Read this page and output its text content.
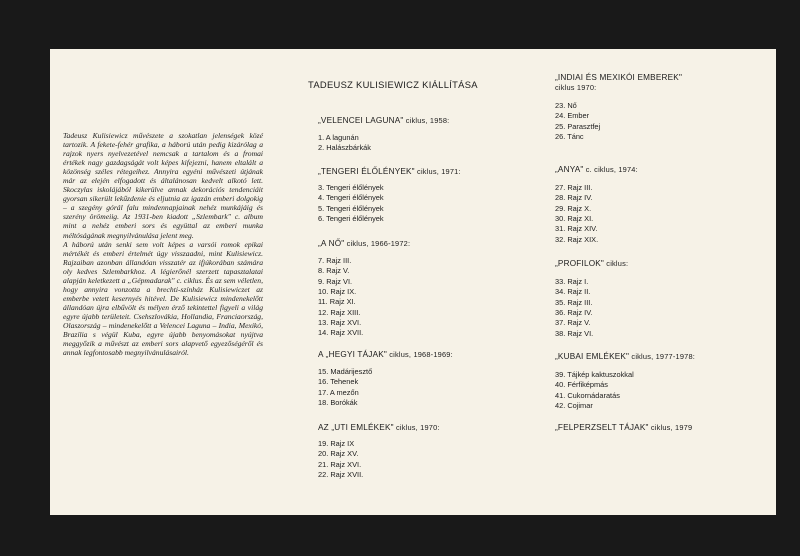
TADEUSZ KULISIEWICZ KIÁLLÍTÁSA

Tadeusz Kulisiewicz művészete a szokatlan jelenségek közé tartozik. A fekete-fehér grafika, a háború után pedig kizárólag a rajzok nyers nyelvezetével nemcsak a tartalom és a fromai értékek nagy gazdagságát volt képes kifejezni, hanem eltalált a közönség széles rétegeihez. Annyira egyéni művészeti útjának már az elején elfogadott és általánosan kedvelt alkotó lett. Skoczylas iskolájából kikerülve annak dekorációs tendenciáit gyorsan sikerült lekűzdenie és eljutnia az igazán emberi dolgokig – a szegény górál falu mindennapjainak nehéz munkájáig és szerény örömeiig. Az 1931-ben kiadott „Szlembark" c. album mint a nehéz emberi sors és együttal az emberi munka méltóságának megnyilvánulása jelent meg.

A háború után senki sem volt képes a varsói romok epikai mértékét és emberi értelmét úgy visszaadni, mint Kulisiewicz. Rajzaiban azonban állandóan visszatér az ifjúkorában számára oly kedves Szlembarkhoz. A légierőnél szerzett tapasztalatai alapján keletkezett a „Gépmadarak" c. ciklus. És az sem véletlen, hogy annyira vonzotta a brechti-színház Kulisiewiczet az emberbe vetett kesernyés hitével. De Kulisiewicz mindenekelőtt állandóan újra elbűvölt és mélyen érző tekintettel figyeli a világ egyre újabb területeit. Csehszlovákia, Hollandia, Franciaország, Olaszország – mindenekelőtt a Velencei Laguna – India, Mexikó, Brazília s végül Kuba, egyre újabb benyomásokat nyújtva meggyőzik a művészt az emberi sors alapvető egyezőségéről és annak legfontosabb megnyilvánulásairól.

„VELENCEI LAGUNA" ciklus, 1958:
1. A lagunán
2. Halászbárkák
„TENGERI ÉLŐLÉNYEK" ciklus, 1971:
3. Tengeri élőlények
4. Tengeri élőlények
5. Tengeri élőlények
6. Tengeri élőlények
„A NŐ" ciklus, 1966-1972:
7. Rajz III.
8. Rajz V.
9. Rajz VI.
10. Rajz IX.
11. Rajz XI.
12. Rajz XIII.
13. Rajz XVI.
14. Rajz XVII.
A „HEGYI TÁJAK" ciklus, 1968-1969:
15. Madárijesztő
16. Tehenek
17. A mezőn
18. Borókák
AZ „UTI EMLÉKEK" ciklus, 1970:
19. Rajz IX
20. Rajz XV.
21. Rajz XVI.
22. Rajz XVII.
„INDIAI ÉS MEXIKÓI EMBEREK"
ciklus 1970:
23. Nő
24. Ember
25. Parasztfej
26. Tánc
„ANYA" c. ciklus, 1974:
27. Rajz III.
28. Rajz IV.
29. Rajz X.
30. Rajz XI.
31. Rajz XIV.
32. Rajz XIX.
„PROFILOK" ciklus:
33. Rajz I.
34. Rajz II.
35. Rajz III.
36. Rajz IV.
37. Rajz V.
38. Rajz VI.
„KUBAI EMLÉKEK" ciklus, 1977-1978:
39. Tájkép kaktuszokkal
40. Férfiképmás
41. Cukornádaratás
42. Cojimar
„FELPERZSELT TÁJAK" ciklus, 1979
